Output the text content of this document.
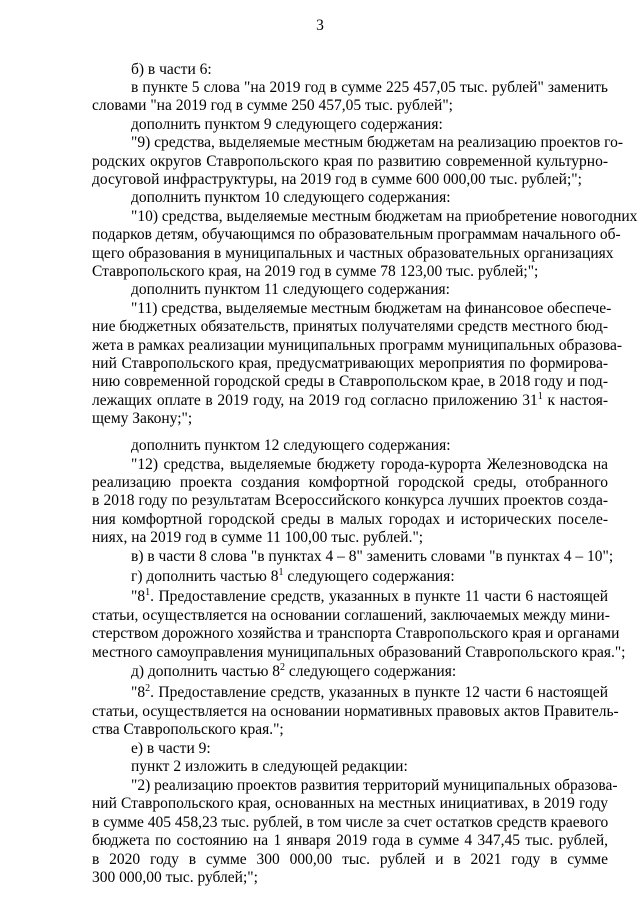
3

б) в части 6:

в пункте 5 слова "на 2019 год в сумме 225 457,05 тыс. рублей" заменить

словами "на 2019 год в сумме 250 457,05 тыс. рублей";

дополнить пунктом 9 следующего содержания:

"9) средства, выделяемые местным бюджетам на реализацию проектов го-

родских округов Ставропольского края по развитию современной культурно-

досуговой инфраструктуры, на 2019 год в сумме 600 000,00 тыс. рублей;";

дополнить пунктом 10 следующего содержания:

"10) средства, выделяемые местным бюджетам на приобретение новогодних

подарков детям, обучающимся по образовательным программам начального об-

щего образования в муниципальных и частных образовательных организациях

Ставропольского края, на 2019 год в сумме 78 123,00 тыс. рублей;";

дополнить пунктом 11 следующего содержания:

"11) средства, выделяемые местным бюджетам на финансовое обеспече-

ние бюджетных обязательств, принятых получателями средств местного бюд-

жета в рамках реализации муниципальных программ муниципальных образова-

ний Ставропольского края, предусматривающих мероприятия по формирова-

нию современной городской среды в Ставропольском крае, в 2018 году и под-

лежащих оплате в 2019 году, на 2019 год согласно приложению $31^1$ к настоя-

щему Закону;";

дополнить пунктом 12 следующего содержания:

"12) средства, выделяемые бюджету города-курорта Железноводска на

реализацию проекта создания комфортной городской среды, отобранного

в 2018 году по результатам Всероссийского конкурса лучших проектов созда-

ния комфортной городской среды в малых городах и исторических поселе-

ниях, на 2019 год в сумме 11 100,00 тыс. рублей.";

в) в части 8 слова "в пунктах 4 – 8" заменить словами "в пунктах 4 – 10";

г) дополнить частью $8^1$ следующего содержания:

"$8^1$. Предоставление средств, указанных в пункте 11 части 6 настоящей

статьи, осуществляется на основании соглашений, заключаемых между мини-

стерством дорожного хозяйства и транспорта Ставропольского края и органами

местного самоуправления муниципальных образований Ставропольского края.";

д) дополнить частью $8^2$ следующего содержания:

"$8^2$. Предоставление средств, указанных в пункте 12 части 6 настоящей

статьи, осуществляется на основании нормативных правовых актов Правитель-

ства Ставропольского края.";

е) в части 9:

пункт 2 изложить в следующей редакции:

"2) реализацию проектов развития территорий муниципальных образова-

ний Ставропольского края, основанных на местных инициативах, в 2019 году

в сумме 405 458,23 тыс. рублей, в том числе за счет остатков средств краевого

бюджета по состоянию на 1 января 2019 года в сумме 4 347,45 тыс. рублей,

в 2020 году в сумме 300 000,00 тыс. рублей и в 2021 году в сумме

300 000,00 тыс. рублей;";
